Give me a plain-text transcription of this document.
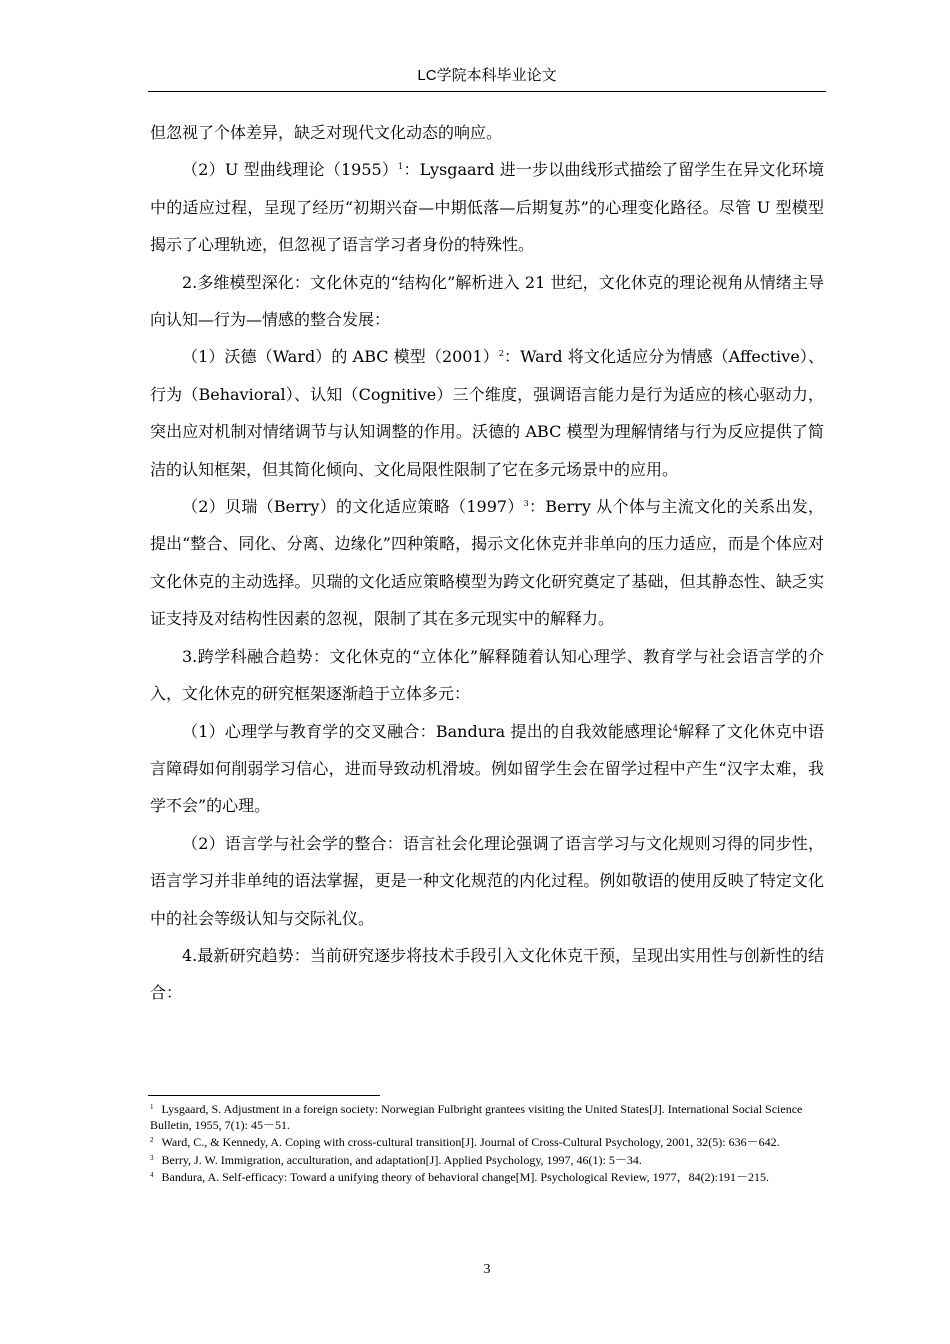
LC学院本科毕业论文

但忽视了个体差异，缺乏对现代文化动态的响应。

（2）U 型曲线理论$(1955)^1$：Lysgaard 进一步以曲线形式描绘了留学生在异文化环境中的适应过程，呈现了经历“初期兴奋—中期低落—后期复苏”的心理变化路径。尽管 U 型模型揭示了心理轨迹，但忽视了语言学习者身份的特殊性。

2.多维模型深化：文化休克的“结构化”解析进入 21 世纪，文化休克的理论视角从情绪主导向认知—行为—情感的整合发展：

（1）沃德（Ward）的 ABC 模型$(2001)^2$：Ward 将文化适应分为情感（Affective）、行为（Behavioral）、认知（Cognitive）三个维度，强调语言能力是行为适应的核心驱动力，突出应对机制对情绪调节与认知调整的作用。沃德的 ABC 模型为理解情绪与行为反应提供了简洁的认知框架，但其简化倾向、文化局限性限制了它在多元场景中的应用。

（2）贝瑞（Berry）的文化适应策略$(1997)^3$：Berry 从个体与主流文化的关系出发，提出“整合、同化、分离、边缘化”四种策略，揭示文化休克并非单向的压力适应，而是个体应对文化休克的主动选择。贝瑞的文化适应策略模型为跨文化研究奠定了基础，但其静态性、缺乏实证支持及对结构性因素的忽视，限制了其在多元现实中的解释力。

3.跨学科融合趋势：文化休克的“立体化”解释随着认知心理学、教育学与社会语言学的介入，文化休克的研究框架逐渐趋于立体多元：

（1）心理学与教育学的交叉融合：Bandura 提出的自我效能感理论$^4$解释了文化休克中语言障碍如何削弱学习信心，进而导致动机滑坡。例如留学生会在留学过程中产生“汉字太难，我学不会”的心理。

（2）语言学与社会学的整合：语言社会化理论强调了语言学习与文化规则习得的同步性，语言学习并非单纯的语法掌握，更是一种文化规范的内化过程。例如敬语的使用反映了特定文化中的社会等级认知与交际礼仪。

4.最新研究趋势：当前研究逐步将技术手段引入文化休克干预，呈现出实用性与创新性的结合：

$^1$ Lysgaard, S. Adjustment in a foreign society: Norwegian Fulbright grantees visiting the United States[J]. International Social Science Bulletin, 1955, 7(1): 45－51.

$^2$ Ward, C., & Kennedy, A. Coping with cross-cultural transition[J]. Journal of Cross-Cultural Psychology, 2001, 32(5): 636－642.

$^3$ Berry, J. W. Immigration, acculturation, and adaptation[J]. Applied Psychology, 1997, 46(1): 5－34.

$^4$ Bandura, A. Self-efficacy: Toward a unifying theory of behavioral change[M]. Psychological Review, 1977，84(2):191－215.

3
